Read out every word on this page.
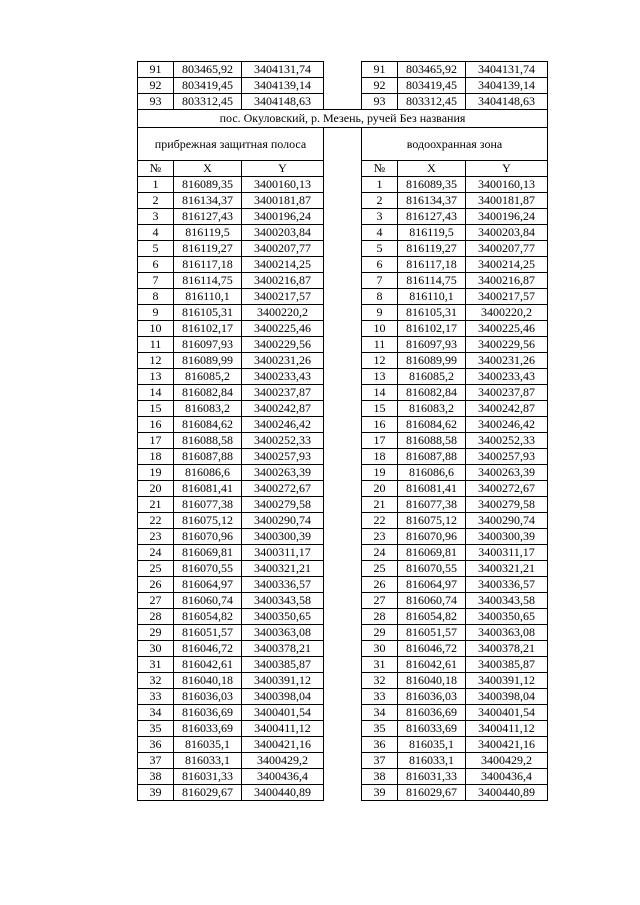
91	803465,92	3404131,74		91	803465,92	3404131,74
92	803419,45	3404139,14		92	803419,45	3404139,14
93	803312,45	3404148,63		93	803312,45	3404148,63
пос. Окуловский, р. Мезень, ручей Без названия						
прибрежная защитная полоса				водоохранная зона		
№	X	Y		№	X	Y
1	816089,35	3400160,13		1	816089,35	3400160,13
2	816134,37	3400181,87		2	816134,37	3400181,87
3	816127,43	3400196,24		3	816127,43	3400196,24
4	816119,5	3400203,84		4	816119,5	3400203,84
5	816119,27	3400207,77		5	816119,27	3400207,77
6	816117,18	3400214,25		6	816117,18	3400214,25
7	816114,75	3400216,87		7	816114,75	3400216,87
8	816110,1	3400217,57		8	816110,1	3400217,57
9	816105,31	3400220,2		9	816105,31	3400220,2
10	816102,17	3400225,46		10	816102,17	3400225,46
11	816097,93	3400229,56		11	816097,93	3400229,56
12	816089,99	3400231,26		12	816089,99	3400231,26
13	816085,2	3400233,43		13	816085,2	3400233,43
14	816082,84	3400237,87		14	816082,84	3400237,87
15	816083,2	3400242,87		15	816083,2	3400242,87
16	816084,62	3400246,42		16	816084,62	3400246,42
17	816088,58	3400252,33		17	816088,58	3400252,33
18	816087,88	3400257,93		18	816087,88	3400257,93
19	816086,6	3400263,39		19	816086,6	3400263,39
20	816081,41	3400272,67		20	816081,41	3400272,67
21	816077,38	3400279,58		21	816077,38	3400279,58
22	816075,12	3400290,74		22	816075,12	3400290,74
23	816070,96	3400300,39		23	816070,96	3400300,39
24	816069,81	3400311,17		24	816069,81	3400311,17
25	816070,55	3400321,21		25	816070,55	3400321,21
26	816064,97	3400336,57		26	816064,97	3400336,57
27	816060,74	3400343,58		27	816060,74	3400343,58
28	816054,82	3400350,65		28	816054,82	3400350,65
29	816051,57	3400363,08		29	816051,57	3400363,08
30	816046,72	3400378,21		30	816046,72	3400378,21
31	816042,61	3400385,87		31	816042,61	3400385,87
32	816040,18	3400391,12		32	816040,18	3400391,12
33	816036,03	3400398,04		33	816036,03	3400398,04
34	816036,69	3400401,54		34	816036,69	3400401,54
35	816033,69	3400411,12		35	816033,69	3400411,12
36	816035,1	3400421,16		36	816035,1	3400421,16
37	816033,1	3400429,2		37	816033,1	3400429,2
38	816031,33	3400436,4		38	816031,33	3400436,4
39	816029,67	3400440,89		39	816029,67	3400440,89
